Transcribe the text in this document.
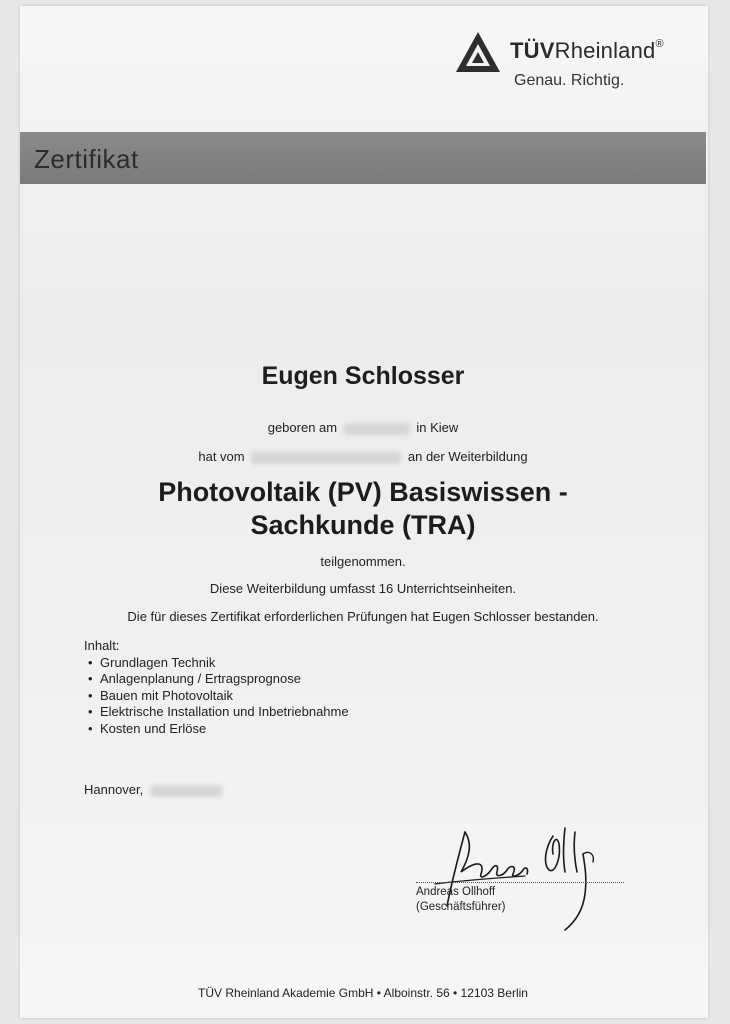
TÜVRheinland®
Genau. Richtig.
Zertifikat
Eugen Schlosser
geboren am	in Kiew
hat vom	an der Weiterbildung
Photovoltaik (PV) Basiswissen -
Sachkunde (TRA)
teilgenommen.
Diese Weiterbildung umfasst 16 Unterrichtseinheiten.
Die für dieses Zertifikat erforderlichen Prüfungen hat Eugen Schlosser bestanden.
Inhalt:
• Grundlagen Technik
• Anlagenplanung / Ertragsprognose
• Bauen mit Photovoltaik
• Elektrische Installation und Inbetriebnahme
• Kosten und Erlöse
Hannover,
Andreas Ollhoff
(Geschäftsführer)
TÜV Rheinland Akademie GmbH • Alboinstr. 56 • 12103 Berlin
